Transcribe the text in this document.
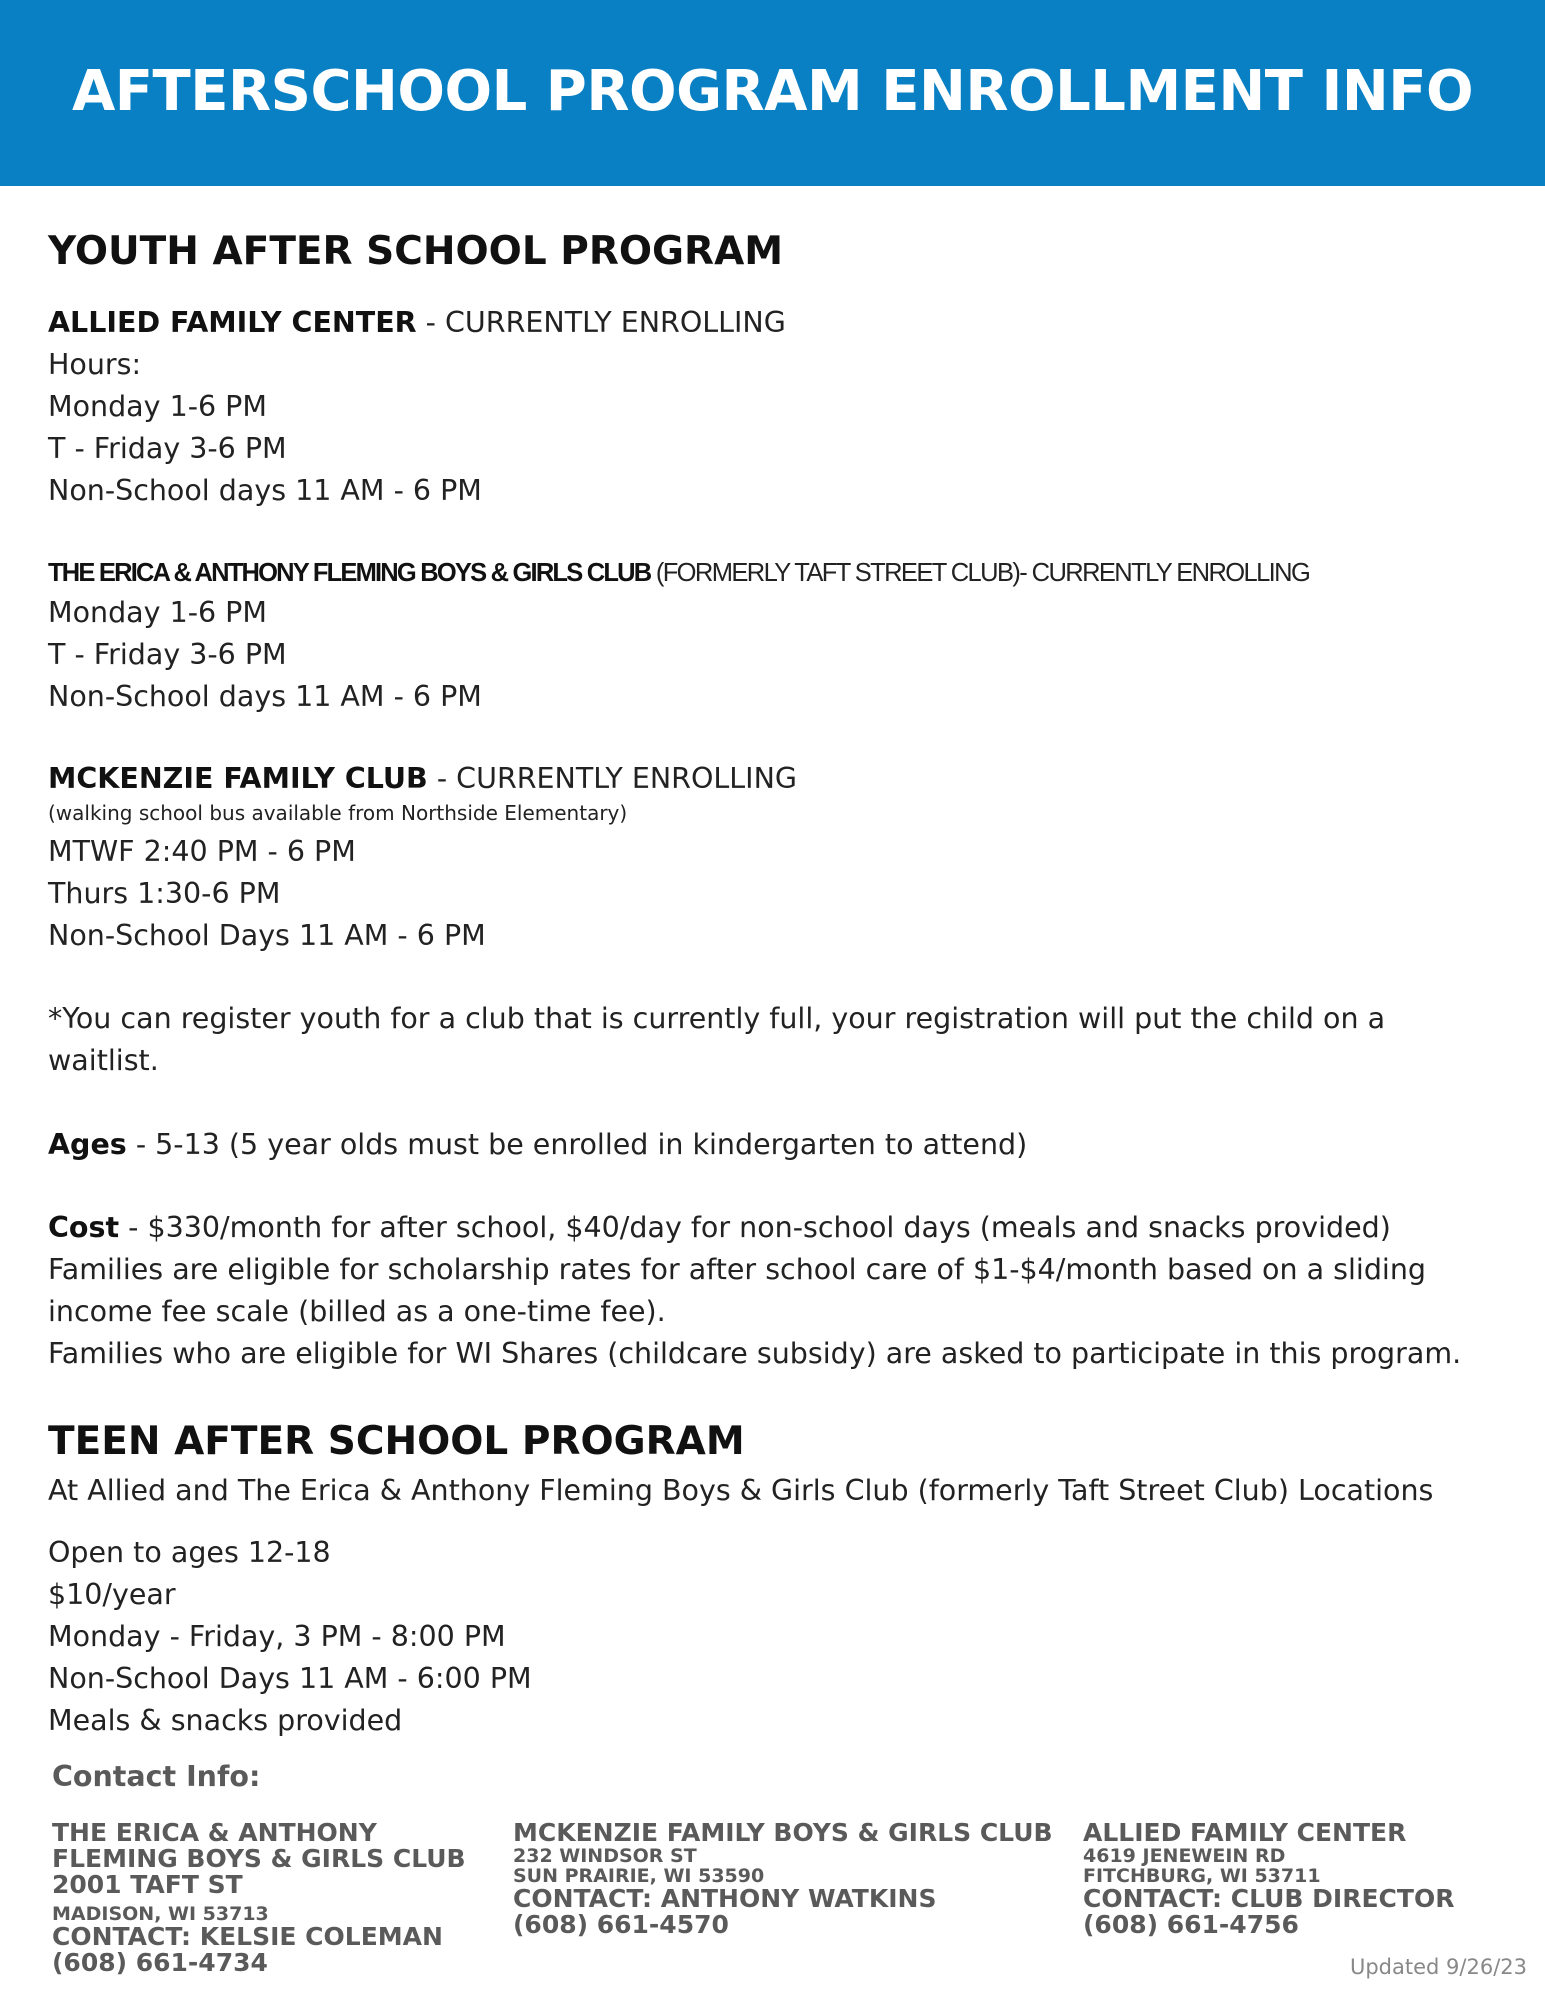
AFTERSCHOOL PROGRAM ENROLLMENT INFO
YOUTH AFTER SCHOOL PROGRAM
ALLIED FAMILY CENTER - CURRENTLY ENROLLING
Hours:
Monday 1-6 PM
T - Friday 3-6 PM
Non-School days 11 AM - 6 PM
THE ERICA & ANTHONY FLEMING BOYS & GIRLS CLUB (FORMERLY TAFT STREET CLUB)- CURRENTLY ENROLLING
Monday 1-6 PM
T - Friday 3-6 PM
Non-School days 11 AM - 6 PM
MCKENZIE FAMILY CLUB - CURRENTLY ENROLLING
(walking school bus available from Northside Elementary)
MTWF 2:40 PM - 6 PM
Thurs 1:30-6 PM
Non-School Days 11 AM - 6 PM
*You can register youth for a club that is currently full, your registration will put the child on a
waitlist.
Ages - 5-13 (5 year olds must be enrolled in kindergarten to attend)
Cost - $330/month for after school, $40/day for non-school days (meals and snacks provided)
Families are eligible for scholarship rates for after school care of $1-$4/month based on a sliding
income fee scale (billed as a one-time fee).
Families who are eligible for WI Shares (childcare subsidy) are asked to participate in this program.
TEEN AFTER SCHOOL PROGRAM
At Allied and The Erica & Anthony Fleming Boys & Girls Club (formerly Taft Street Club) Locations
Open to ages 12-18
$10/year
Monday - Friday, 3 PM - 8:00 PM
Non-School Days 11 AM - 6:00 PM
Meals & snacks provided
Contact Info:
THE ERICA & ANTHONY
FLEMING BOYS & GIRLS CLUB
2001 TAFT ST
MADISON, WI 53713
CONTACT: KELSIE COLEMAN
(608) 661-4734
MCKENZIE FAMILY BOYS & GIRLS CLUB
232 WINDSOR ST
SUN PRAIRIE, WI 53590
CONTACT: ANTHONY WATKINS
(608) 661-4570
ALLIED FAMILY CENTER
4619 JENEWEIN RD
FITCHBURG, WI 53711
CONTACT: CLUB DIRECTOR
(608) 661-4756
Updated 9/26/23
